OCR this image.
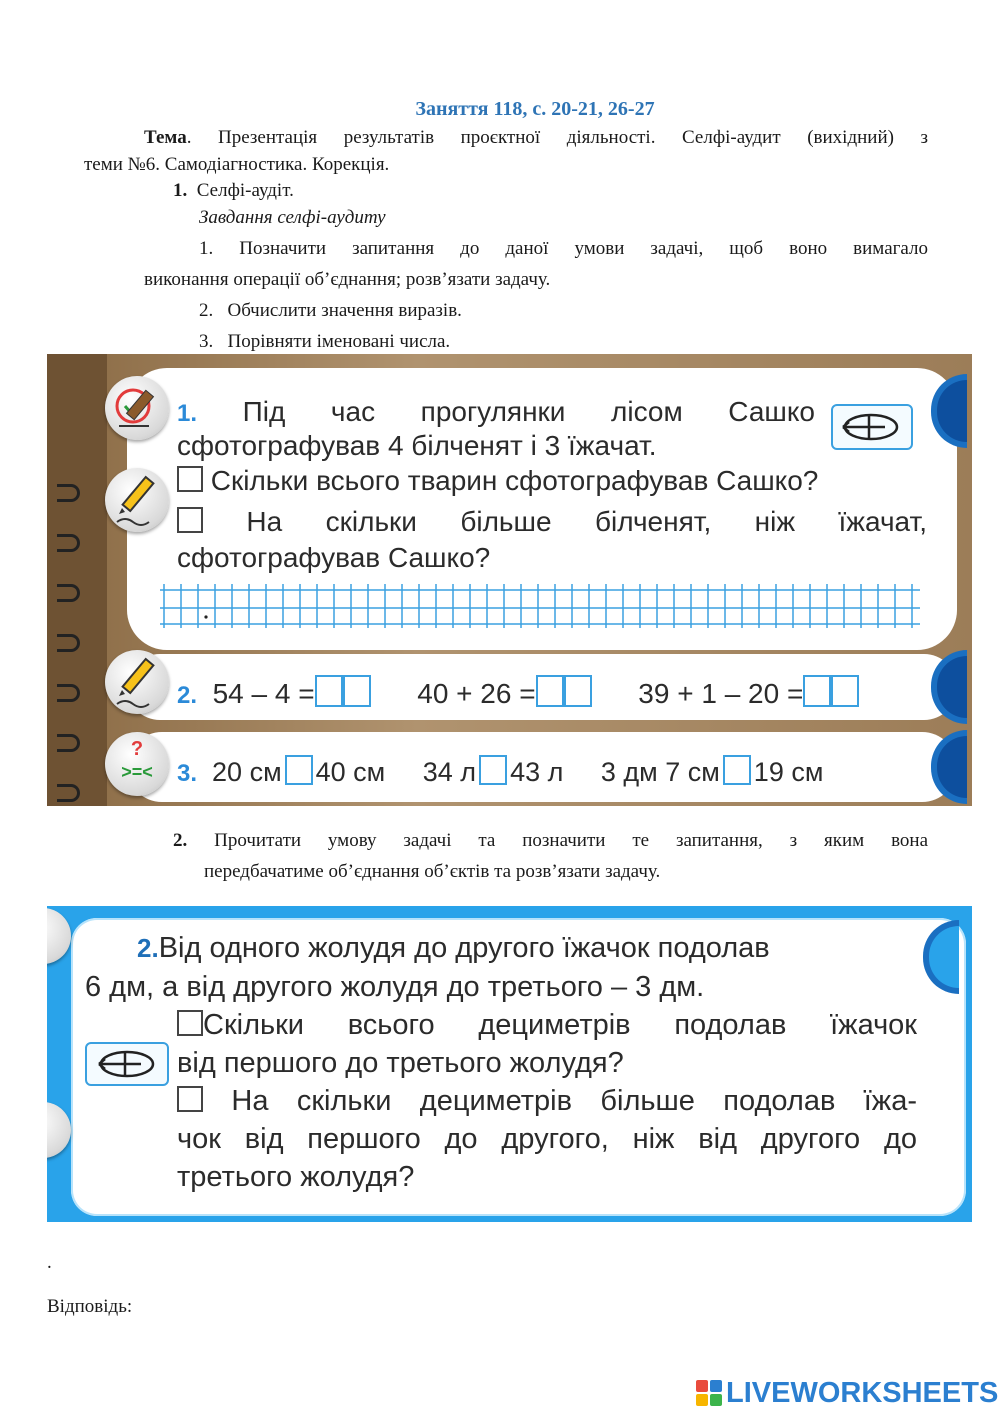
Заняття 118, с. 20-21, 26-27
Тема. Презентація результатів проєктної діяльності. Селфі-аудит (вихідний) з
теми №6. Самодіагностика. Корекція.
1. Селфі-аудіт.
Завдання селфі-аудиту
1. Позначити запитання до даної умови задачі, щоб воно вимагало
виконання операції об’єднання; розв’язати задачу.
2. Обчислити значення виразів.
3. Порівняти іменовані числа.
?
>=<
1. Під час прогулянки лісом Сашко
сфотографував 4 білченят і 3 їжачат.
Скільки всього тварин сфотографував Сашко?
На скільки більше білченят, ніж їжачат,
сфотографував Сашко?
2. 54 – 4 =	40 + 26 =	39 + 1 – 20 =
3. 20 см 40 см 34 л 43 л 3 дм 7 см 19 см
2. Прочитати умову задачі та позначити те запитання, з яким вона
передбачатиме об’єднання об’єктів та розв’язати задачу.
2.Від одного жолудя до другого їжачок подолав
6 дм, а від другого жолудя до третього – 3 дм.
Скільки всього дециметрів подолав їжачок
від першого до третього жолудя?
На скільки дециметрів більше подолав їжа-
чок від першого до другого, ніж від другого до
третього жолудя?
.
Відповідь:
LIVEWORKSHEETS
